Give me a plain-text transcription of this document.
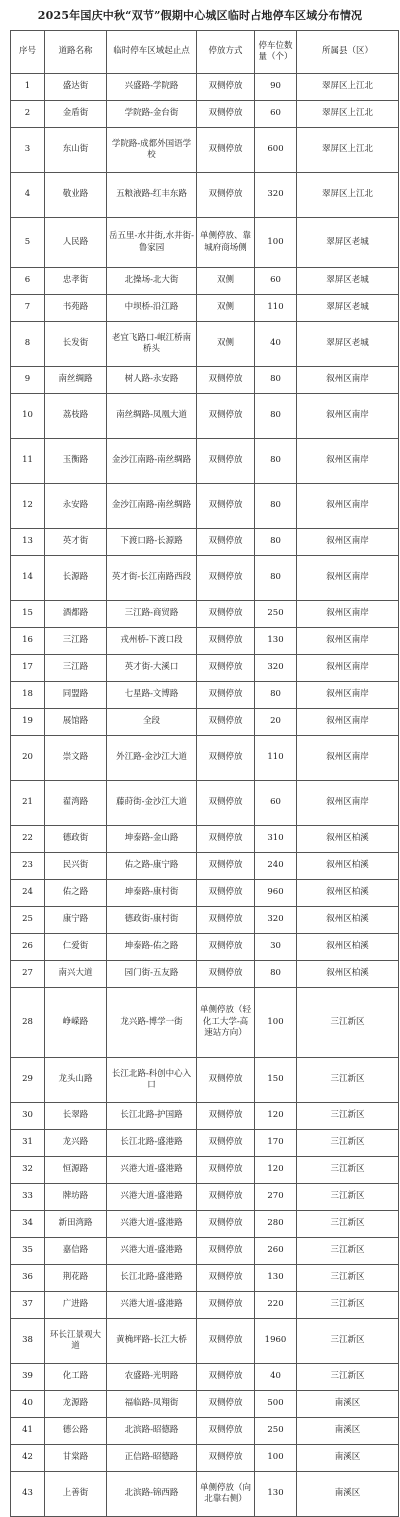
2025年国庆中秋“双节”假期中心城区临时占地停车区域分布情况
序号	道路名称	临时停车区域起止点	停放方式	停车位数量（个）	所属县（区）
1	盛达街	兴盛路-学院路	双侧停放	90	翠屏区上江北
2	金盾街	学院路-金台街	双侧停放	60	翠屏区上江北
3	东山街	学院路-成都外国语学校	双侧停放	600	翠屏区上江北
4	敬业路	五粮液路-红丰东路	双侧停放	320	翠屏区上江北
5	人民路	岳五里-水井街,水井街-鲁家园	单侧停放、靠城府商场侧	100	翠屏区老城
6	忠孝街	北操场-北大街	双侧	60	翠屏区老城
7	书苑路	中坝桥-沿江路	双侧	110	翠屏区老城
8	长发街	老宜飞路口-岷江桥南桥头	双侧	40	翠屏区老城
9	南丝绸路	树人路-永安路	双侧停放	80	叙州区南岸
10	荔枝路	南丝绸路-凤凰大道	双侧停放	80	叙州区南岸
11	玉衡路	金沙江南路-南丝绸路	双侧停放	80	叙州区南岸
12	永安路	金沙江南路-南丝绸路	双侧停放	80	叙州区南岸
13	英才街	下渡口路-长源路	双侧停放	80	叙州区南岸
14	长源路	英才街-长江南路西段	双侧停放	80	叙州区南岸
15	酒都路	三江路-商贸路	双侧停放	250	叙州区南岸
16	三江路	戎州桥-下渡口段	双侧停放	130	叙州区南岸
17	三江路	英才街-大溪口	双侧停放	320	叙州区南岸
18	同盟路	七星路-文博路	双侧停放	80	叙州区南岸
19	展馆路	全段	双侧停放	20	叙州区南岸
20	崇文路	外江路-金沙江大道	双侧停放	110	叙州区南岸
21	翟湾路	藤莳街-金沙江大道	双侧停放	60	叙州区南岸
22	德政街	坤泰路-金山路	双侧停放	310	叙州区柏溪
23	民兴街	佑之路-康宁路	双侧停放	240	叙州区柏溪
24	佑之路	坤泰路-康村街	双侧停放	960	叙州区柏溪
25	康宁路	德政街-康村街	双侧停放	320	叙州区柏溪
26	仁爱街	坤泰路-佑之路	双侧停放	30	叙州区柏溪
27	南兴大道	园门街-五友路	双侧停放	80	叙州区柏溪
28	峥嵘路	龙兴路-博学一街	单侧停放（轻化工大学-高速站方向）	100	三江新区
29	龙头山路	长江北路-科创中心入口	双侧停放	150	三江新区
30	长翠路	长江北路-护国路	双侧停放	120	三江新区
31	龙兴路	长江北路-盛港路	双侧停放	170	三江新区
32	恒源路	兴港大道-盛港路	双侧停放	120	三江新区
33	牌坊路	兴港大道-盛港路	双侧停放	270	三江新区
34	新田湾路	兴港大道-盛港路	双侧停放	280	三江新区
35	嘉信路	兴港大道-盛港路	双侧停放	260	三江新区
36	荆花路	长江北路-盛港路	双侧停放	130	三江新区
37	广进路	兴港大道-盛港路	双侧停放	220	三江新区
38	环长江景观大道	黄桷坪路-长江大桥	双侧停放	1960	三江新区
39	化工路	农盛路-光明路	双侧停放	40	三江新区
40	龙源路	福临路-凤翔街	双侧停放	500	南溪区
41	德公路	北滨路-昭德路	双侧停放	250	南溪区
42	甘棠路	正信路-昭德路	双侧停放	100	南溪区
43	上善街	北滨路-锦西路	单侧停放（向北靠右侧）	130	南溪区
